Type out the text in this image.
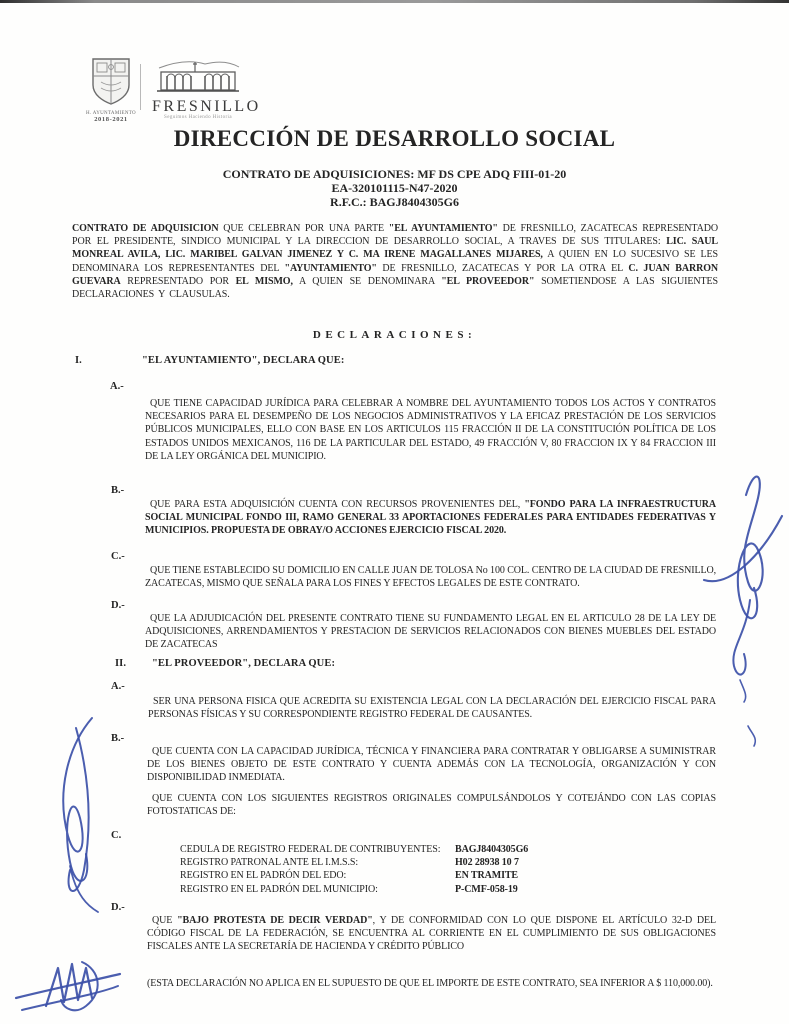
H. AYUNTAMIENTO
2018-2021
FRESNILLO
Seguimos Haciendo Historia
DIRECCIÓN DE DESARROLLO SOCIAL
CONTRATO DE ADQUISICIONES: MF DS CPE ADQ FIII-01-20
EA-320101115-N47-2020
R.F.C.: BAGJ8404305G6
CONTRATO DE ADQUISICION QUE CELEBRAN POR UNA PARTE "EL AYUNTAMIENTO" DE FRESNILLO, ZACATECAS REPRESENTADO POR EL PRESIDENTE, SINDICO MUNICIPAL Y LA DIRECCION DE DESARROLLO SOCIAL, A TRAVES DE SUS TITULARES: LIC. SAUL MONREAL AVILA, LIC. MARIBEL GALVAN JIMENEZ Y C. MA IRENE MAGALLANES MIJARES, A QUIEN EN LO SUCESIVO SE LES DENOMINARA LOS REPRESENTANTES DEL "AYUNTAMIENTO" DE FRESNILLO, ZACATECAS Y POR LA OTRA EL C. JUAN BARRON GUEVARA REPRESENTADO POR EL MISMO, A QUIEN SE DENOMINARA "EL PROVEEDOR" SOMETIENDOSE A LAS SIGUIENTES DECLARACIONES Y CLAUSULAS.
DECLARACIONES:
I.	"EL AYUNTAMIENTO", DECLARA QUE:
A.-
QUE TIENE CAPACIDAD JURÍDICA PARA CELEBRAR A NOMBRE DEL AYUNTAMIENTO TODOS LOS ACTOS Y CONTRATOS NECESARIOS PARA EL DESEMPEÑO DE LOS NEGOCIOS ADMINISTRATIVOS Y LA EFICAZ PRESTACIÓN DE LOS SERVICIOS PÚBLICOS MUNICIPALES, ELLO CON BASE EN LOS ARTICULOS 115 FRACCIÓN II DE LA CONSTITUCIÓN POLÍTICA DE LOS ESTADOS UNIDOS MEXICANOS, 116 DE LA PARTICULAR DEL ESTADO, 49 FRACCIÓN V, 80 FRACCION IX Y 84 FRACCION III DE LA LEY ORGÁNICA DEL MUNICIPIO.
B.-
QUE PARA ESTA ADQUISICIÓN CUENTA CON RECURSOS PROVENIENTES DEL, "FONDO PARA LA INFRAESTRUCTURA SOCIAL MUNICIPAL FONDO III, RAMO GENERAL 33 APORTACIONES FEDERALES PARA ENTIDADES FEDERATIVAS Y MUNICIPIOS. PROPUESTA DE OBRAY/O ACCIONES EJERCICIO FISCAL 2020.
C.-
QUE TIENE ESTABLECIDO SU DOMICILIO EN CALLE JUAN DE TOLOSA No 100 COL. CENTRO DE LA CIUDAD DE FRESNILLO, ZACATECAS, MISMO QUE SEÑALA PARA LOS FINES Y EFECTOS LEGALES DE ESTE CONTRATO.
D.-
QUE LA ADJUDICACIÓN DEL PRESENTE CONTRATO TIENE SU FUNDAMENTO LEGAL EN EL ARTICULO 28 DE LA LEY DE ADQUISICIONES, ARRENDAMIENTOS Y PRESTACION DE SERVICIOS RELACIONADOS CON BIENES MUEBLES DEL ESTADO DE ZACATECAS
II. "EL PROVEEDOR", DECLARA QUE:
A.-
SER UNA PERSONA FISICA QUE ACREDITA SU EXISTENCIA LEGAL CON LA DECLARACIÓN DEL EJERCICIO FISCAL PARA PERSONAS FÍSICAS Y SU CORRESPONDIENTE REGISTRO FEDERAL DE CAUSANTES.
B.-
QUE CUENTA CON LA CAPACIDAD JURÍDICA, TÉCNICA Y FINANCIERA PARA CONTRATAR Y OBLIGARSE A SUMINISTRAR DE LOS BIENES OBJETO DE ESTE CONTRATO Y CUENTA ADEMÁS CON LA TECNOLOGÍA, ORGANIZACIÓN Y CON DISPONIBILIDAD INMEDIATA.
QUE CUENTA CON LOS SIGUIENTES REGISTROS ORIGINALES COMPULSÁNDOLOS Y COTEJÁNDO CON LAS COPIAS FOTOSTATICAS DE:
C.
CEDULA DE REGISTRO FEDERAL DE CONTRIBUYENTES:	BAGJ8404305G6
REGISTRO PATRONAL ANTE EL I.M.S.S:	H02 28938 10 7
REGISTRO EN EL PADRÓN DEL EDO:	EN TRAMITE
REGISTRO EN EL PADRÓN DEL MUNICIPIO:	P-CMF-058-19
D.-
QUE "BAJO PROTESTA DE DECIR VERDAD", Y DE CONFORMIDAD CON LO QUE DISPONE EL ARTÍCULO 32-D DEL CÓDIGO FISCAL DE LA FEDERACIÓN, SE ENCUENTRA AL CORRIENTE EN EL CUMPLIMIENTO DE SUS OBLIGACIONES FISCALES ANTE LA SECRETARÍA DE HACIENDA Y CRÉDITO PÚBLICO
(ESTA DECLARACIÓN NO APLICA EN EL SUPUESTO DE QUE EL IMPORTE DE ESTE CONTRATO, SEA INFERIOR A $ 110,000.00).
